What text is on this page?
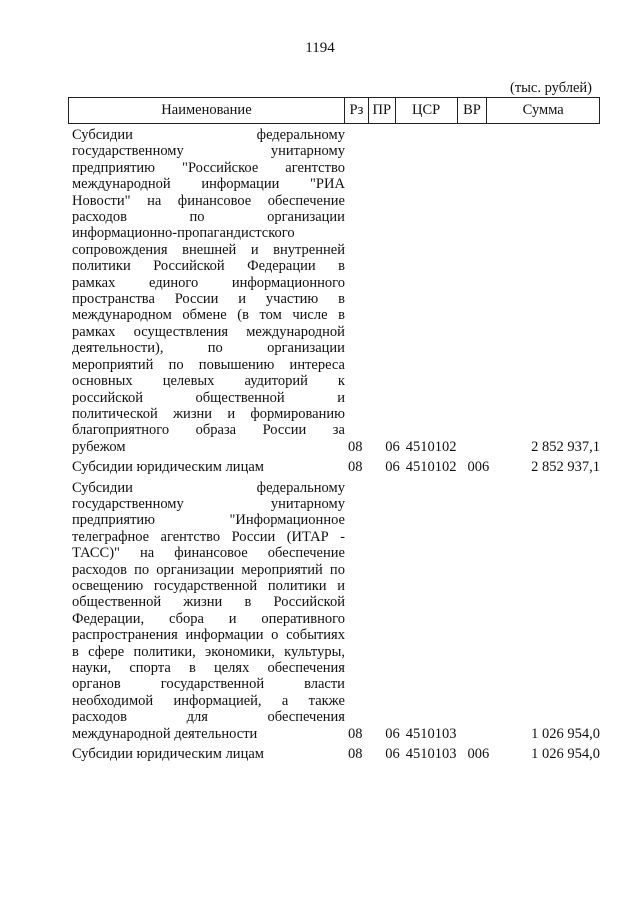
1194
(тыс. рублей)
Наименование	Рз ПР	ЦСР	ВР	Сумма
Субсидии федеральному
государственному унитарному
предприятию "Российское агентство
международной информации "РИА
Новости" на финансовое обеспечение
расходов по организации
информационно-пропагандистского
сопровождения внешней и внутренней
политики Российской Федерации в
рамках единого информационного
пространства России и участию в
международном обмене (в том числе в
рамках осуществления международной
деятельности), по организации
мероприятий по повышению интереса
основных целевых аудиторий к
российской общественной и
политической жизни и формированию
благоприятного образа России за
рубежом	08	06 4510102	2 852 937,1
Субсидии юридическим лицам	08	06 4510102 006	2 852 937,1
Субсидии федеральному
государственному унитарному
предприятию "Информационное
телеграфное агентство России (ИТАР -
ТАСС)" на финансовое обеспечение
расходов по организации мероприятий по
освещению государственной политики и
общественной жизни в Российской
Федерации, сбора и оперативного
распространения информации о событиях
в сфере политики, экономики, культуры,
науки, спорта в целях обеспечения
органов государственной власти
необходимой информацией, а также
расходов для обеспечения
международной деятельности	08	06 4510103	1 026 954,0
Субсидии юридическим лицам	08	06 4510103 006	1 026 954,0
